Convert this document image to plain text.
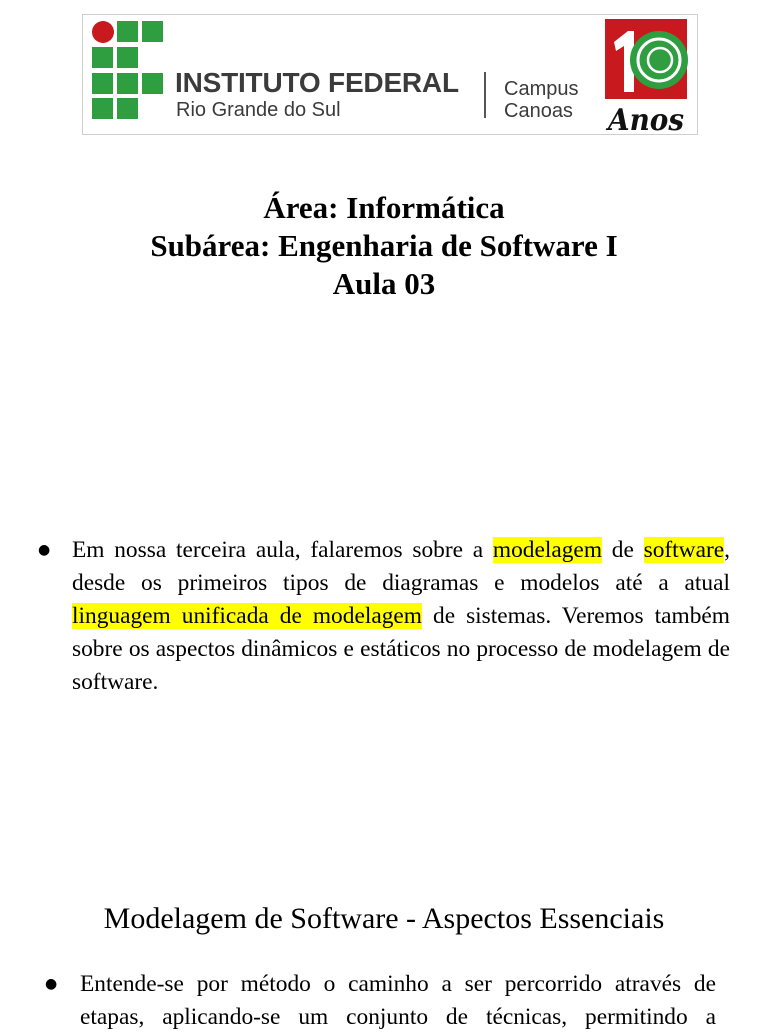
INSTITUTO FEDERAL
Rio Grande do Sul
Campus
Canoas Anos
Área: Informática
Subárea: Engenharia de Software I
Aula 03
● Em nossa terceira aula, falaremos sobre a modelagem de software, desde os primeiros tipos de diagramas e modelos até a atual linguagem unificada de modelagem de sistemas. Veremos também sobre os aspectos dinâmicos e estáticos no processo de modelagem de software.

Modelagem de Software - Aspectos Essenciais
● Entende-se por método o caminho a ser percorrido através de etapas, aplicando-se um conjunto de técnicas, permitindo a
